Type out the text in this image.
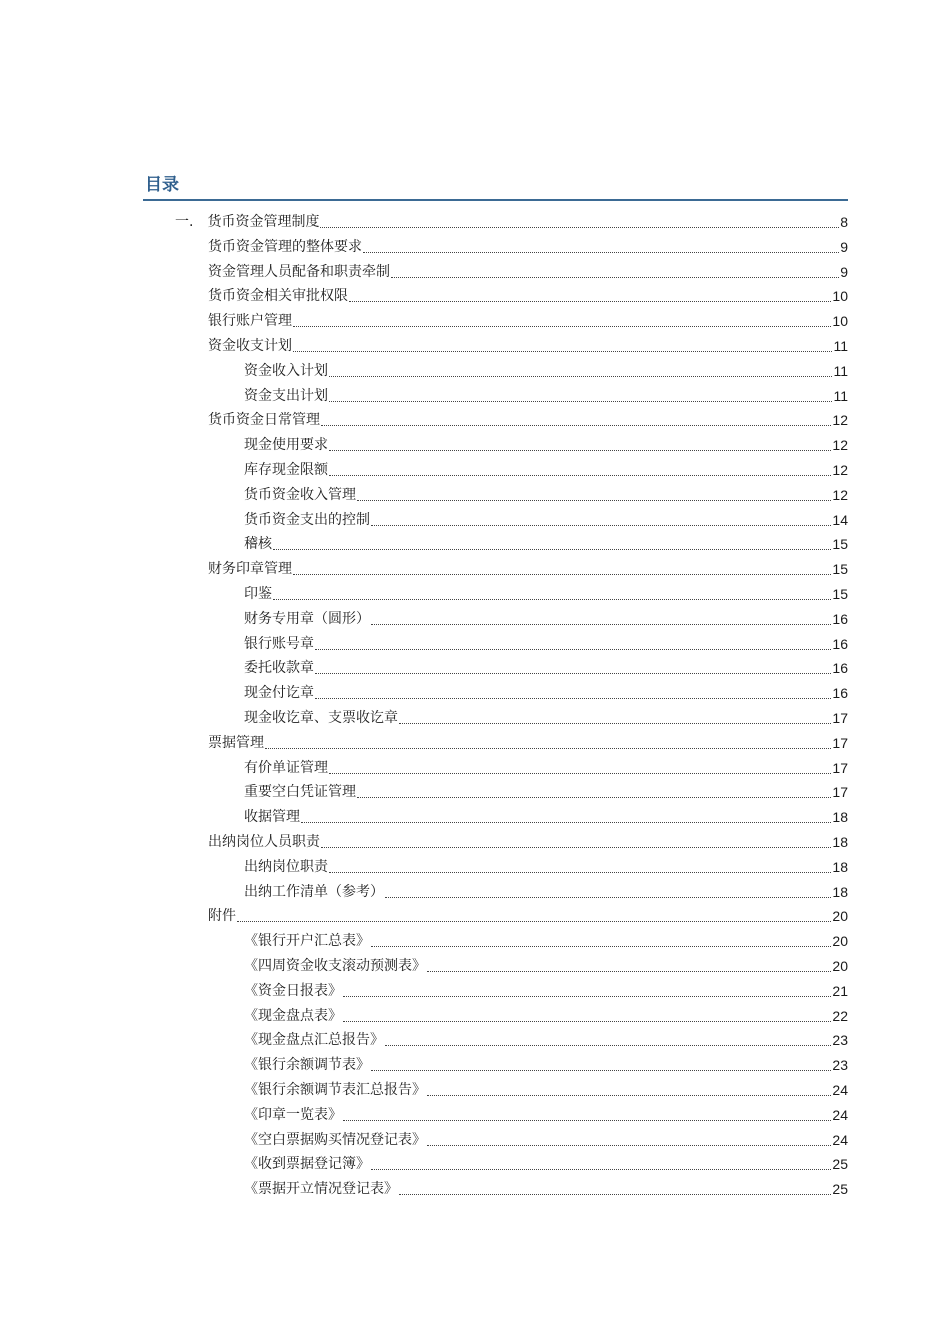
目录
一. 货币资金管理制度	8
货币资金管理的整体要求	9
资金管理人员配备和职责牵制	9
货币资金相关审批权限	10
银行账户管理	10
资金收支计划	11
资金收入计划	11
资金支出计划	11
货币资金日常管理	12
现金使用要求	12
库存现金限额	12
货币资金收入管理	12
货币资金支出的控制	14
稽核	15
财务印章管理	15
印鉴	15
财务专用章（圆形）	16
银行账号章	16
委托收款章	16
现金付讫章	16
现金收讫章、支票收讫章	17
票据管理	17
有价单证管理	17
重要空白凭证管理	17
收据管理	18
出纳岗位人员职责	18
出纳岗位职责	18
出纳工作清单（参考）	18
附件	20
《银行开户汇总表》	20
《四周资金收支滚动预测表》	20
《资金日报表》	21
《现金盘点表》	22
《现金盘点汇总报告》	23
《银行余额调节表》	23
《银行余额调节表汇总报告》	24
《印章一览表》	24
《空白票据购买情况登记表》	24
《收到票据登记簿》	25
《票据开立情况登记表》	25
